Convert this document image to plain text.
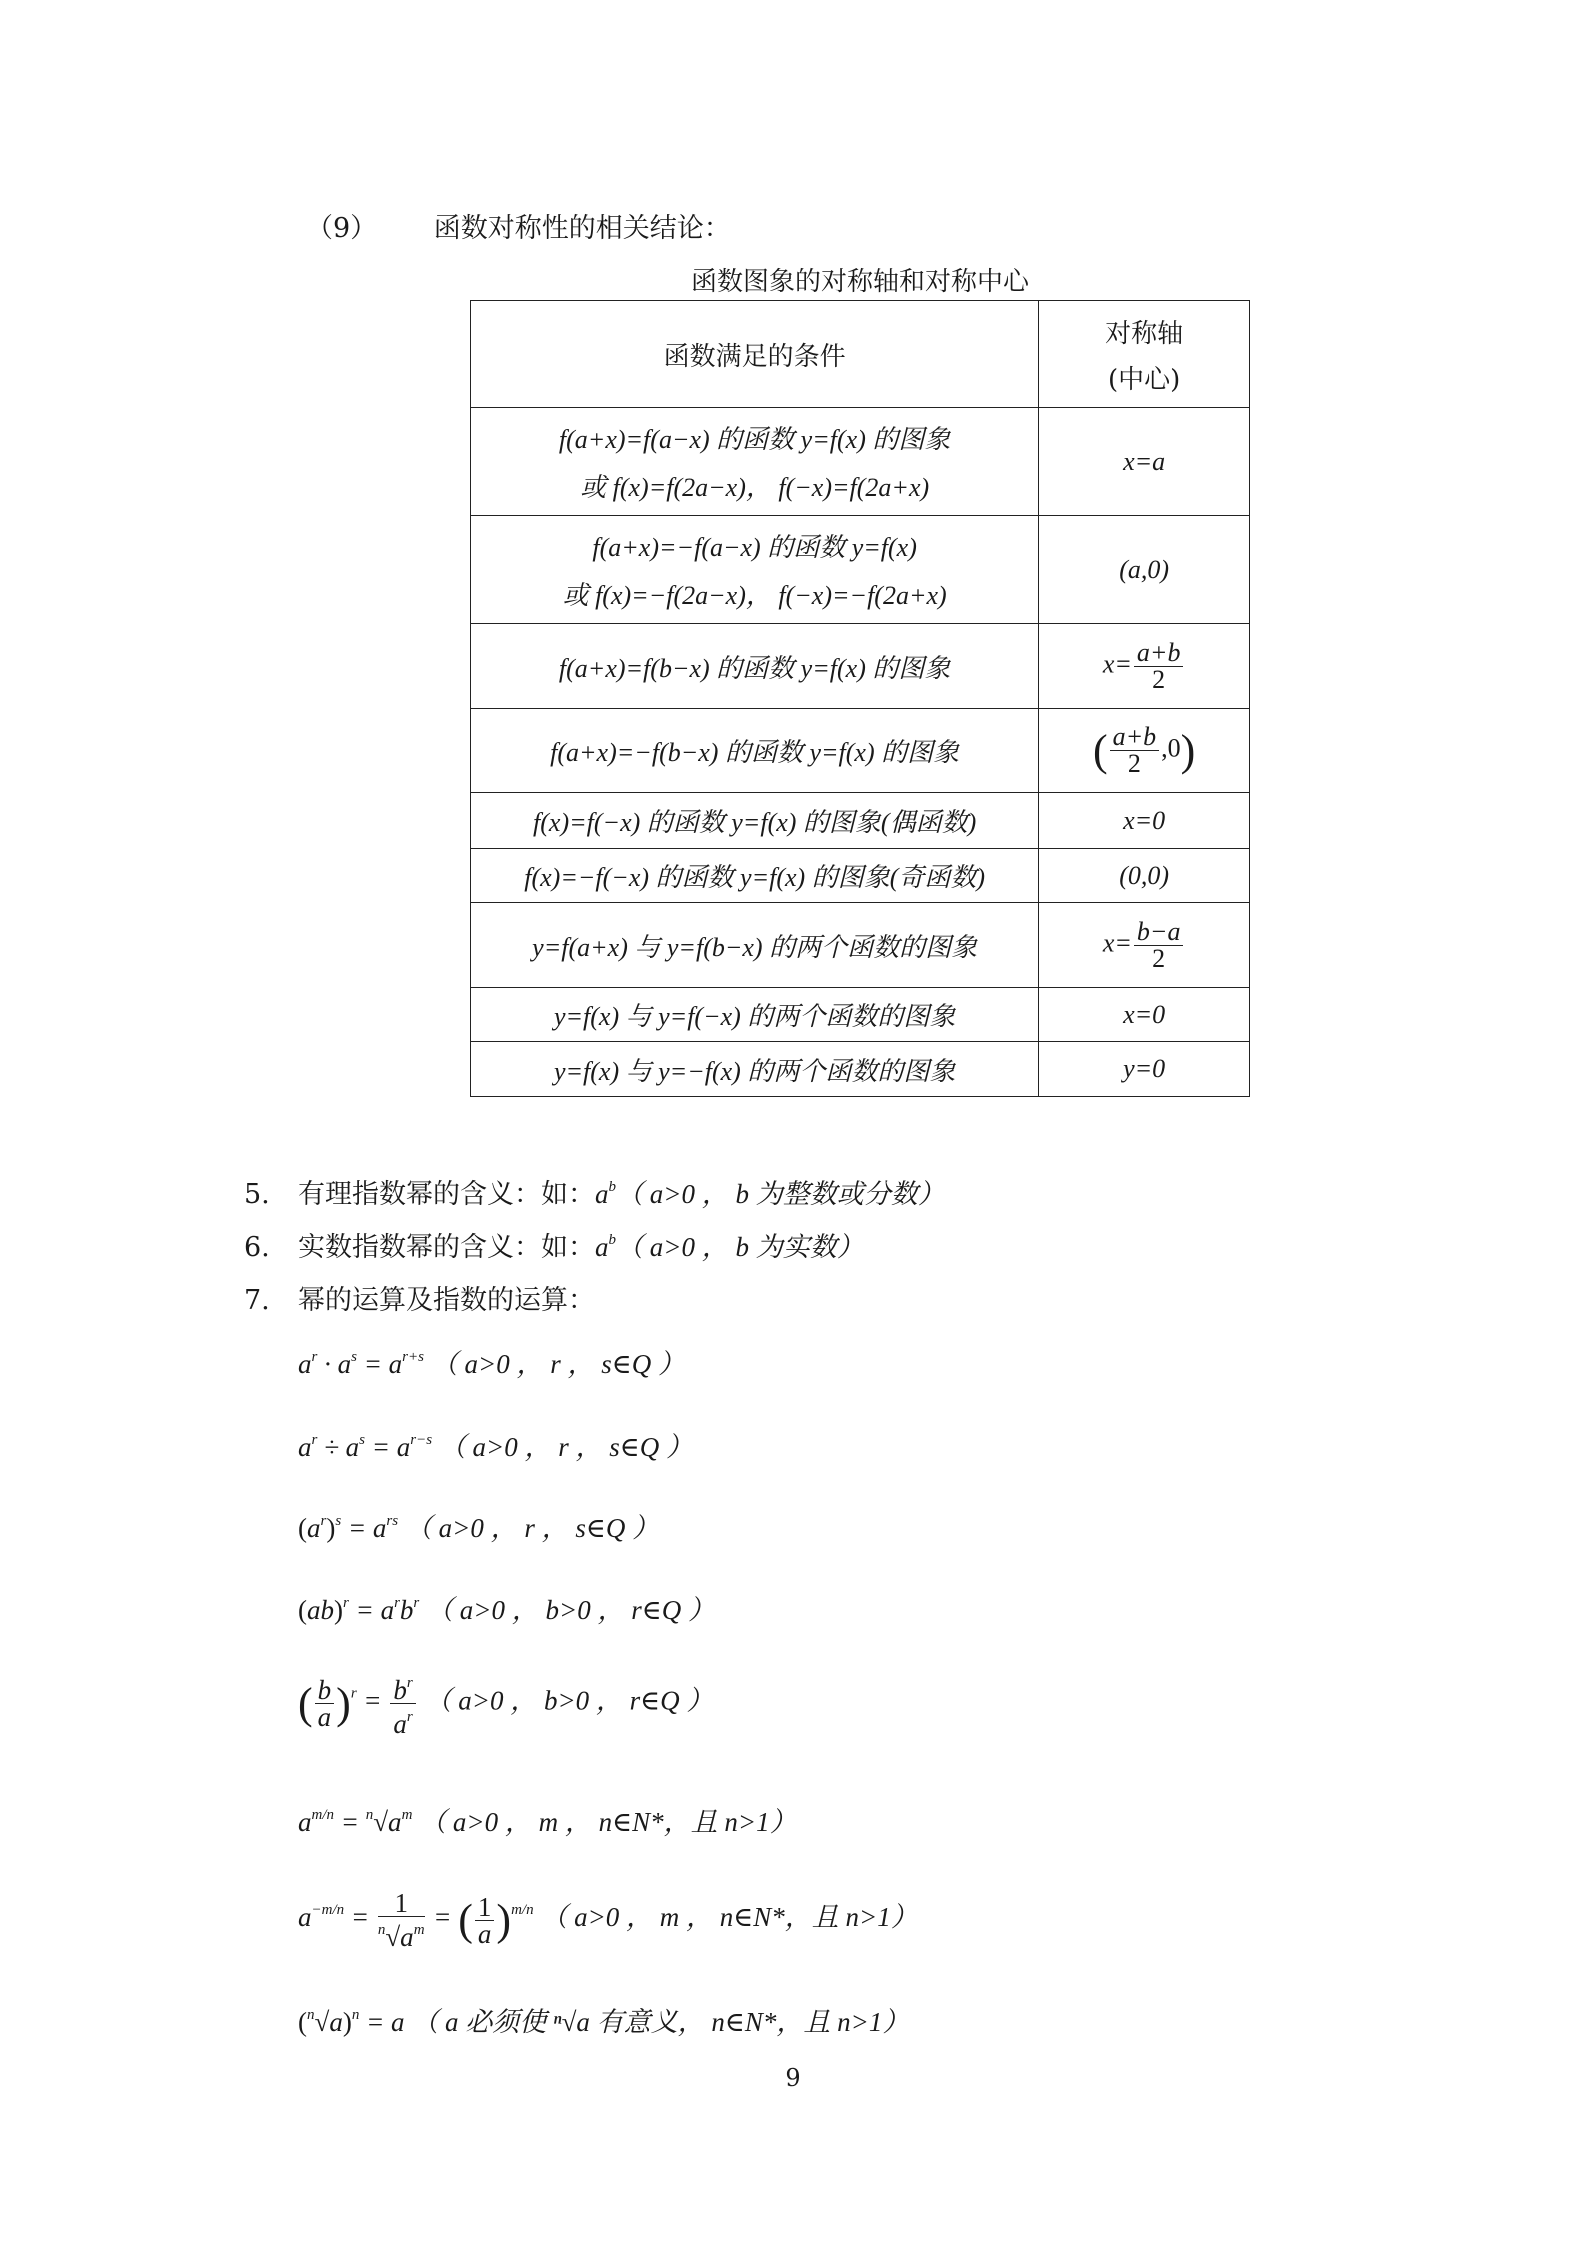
（9） 函数对称性的相关结论：
函数图象的对称轴和对称中心
函数满足的条件	对称轴
(中心)

f(a+x)=f(a−x) 的函数 y=f(x) 的图象
或 f(x)=f(2a−x)， f(−x)=f(2a+x)	x=a

f(a+x)=−f(a−x) 的函数 y=f(x)
或 f(x)=−f(2a−x)， f(−x)=−f(2a+x)	(a,0)
f(a+x)=f(b−x) 的函数 y=f(x) 的图象	$x= \frac{a+b}{2}$

f(a+x)=−f(b−x) 的函数 y=f(x) 的图象	( $\frac{a+b}{2} ,0$)
f(x)=f(−x) 的函数 y=f(x) 的图象(偶函数)	x=0
f(x)=−f(−x) 的函数 y=f(x) 的图象(奇函数)	(0,0)
y=f(a+x) 与 y=f(b−x) 的两个函数的图象	$x= \frac{b-a}{2}$

y=f(x) 与 y=f(−x) 的两个函数的图象	x=0
y=f(x) 与 y=−f(x) 的两个函数的图象	y=0
5. 有理指数幂的含义：如：$a^b$（ a>0 ， b 为整数或分数）
6. 实数指数幂的含义：如：$a^b$（ a>0 ， b 为实数）
7. 幂的运算及指数的运算：
$a^r \cdot a^s = a^{r+s}$ （ a>0 ， r ， s∈Q ）
$a^r \div a^s = a^{r-s}$ （ a>0 ， r ， s∈Q ）
$(a^r)^s = a^{rs}$ （ a>0 ， r ， s∈Q ）
$(ab)^r = a^rb^r$ （ a>0 ， b>0 ， r∈Q ）
( $\frac{b}{a} )^r = \frac{b^r}{a^r}$ （ a>0 ， b>0 ， r∈Q ）
$a^{m/n} = ^n√a^m$ （ a>0 ， m ， n∈N*，且 n>1）
$a^{-m/n} = \frac{1}{^n√a^m}$ = ( $\frac{1}{a} )^{m/n}$ （ a>0 ， m ， n∈N*，且 n>1）
$(^n√a)^n = a$ （ a 必须使 ⁿ√a 有意义， n∈N*，且 n>1）
9
